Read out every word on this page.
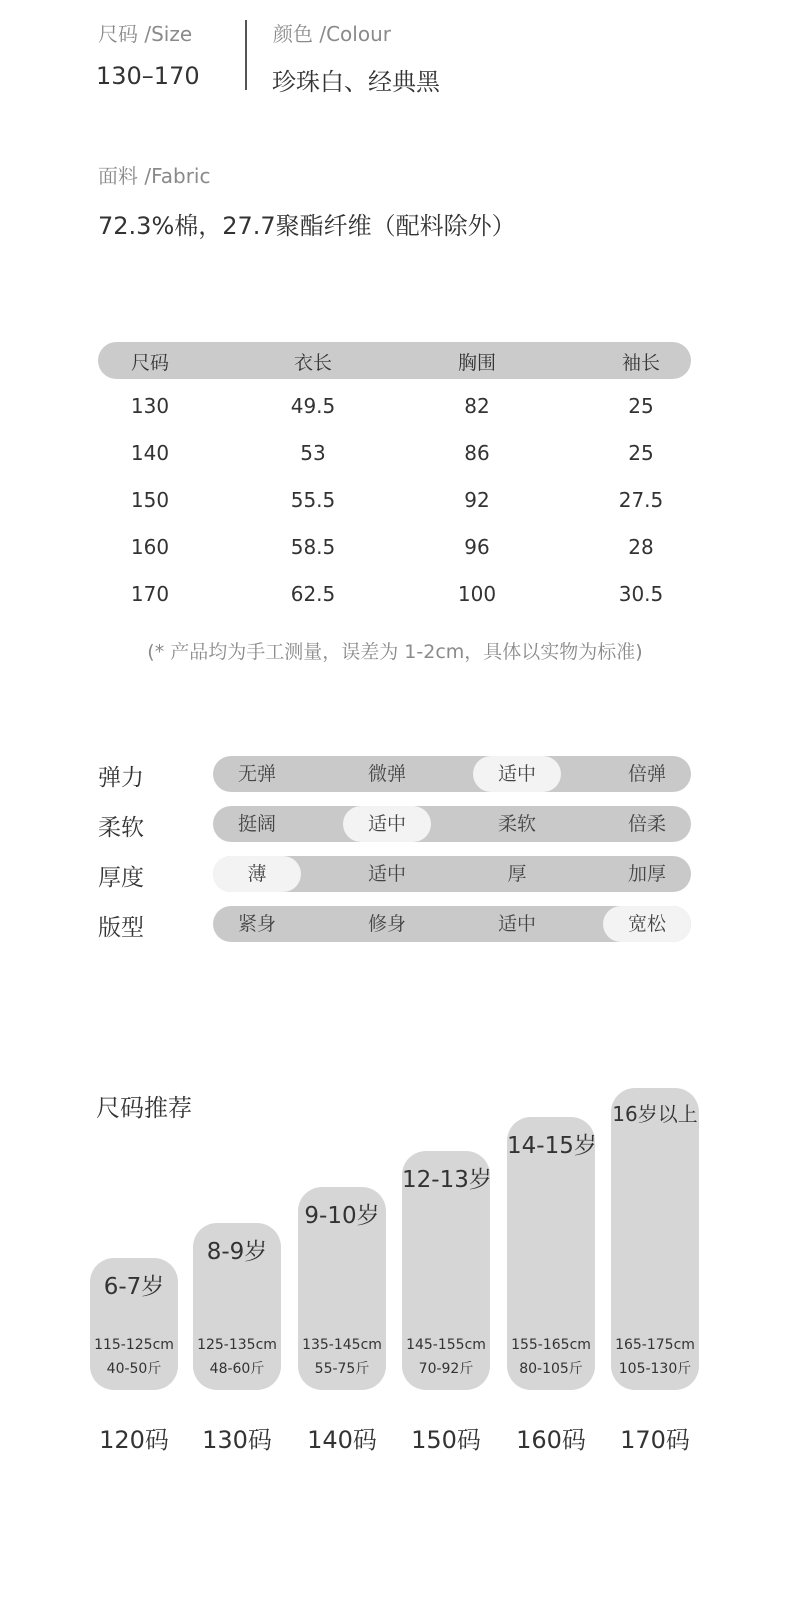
尺码 /Size
130–170
颜色 /Colour
珍珠白、经典黑
面料 /Fabric
72.3%棉，27.7聚酯纤维（配料除外）
尺码	衣长	胸围	袖长
130	49.5	82	25
140	53	86	25
150	55.5	92	27.5
160	58.5	96	28
170	62.5	100	30.5
(* 产品均为手工测量，误差为 1-2cm，具体以实物为标准)
弹力	无弹	微弹	适中	倍弹
柔软	挺阔	适中	柔软	倍柔
厚度	薄	适中	厚	加厚
版型	紧身	修身	适中	宽松
尺码推荐
6-7岁
115-125cm
40-50斤
120码
8-9岁
125-135cm
48-60斤
130码
9-10岁
135-145cm
55-75斤
140码
12-13岁
145-155cm
70-92斤
150码
14-15岁
155-165cm
80-105斤
160码
16岁以上
165-175cm
105-130斤
170码
